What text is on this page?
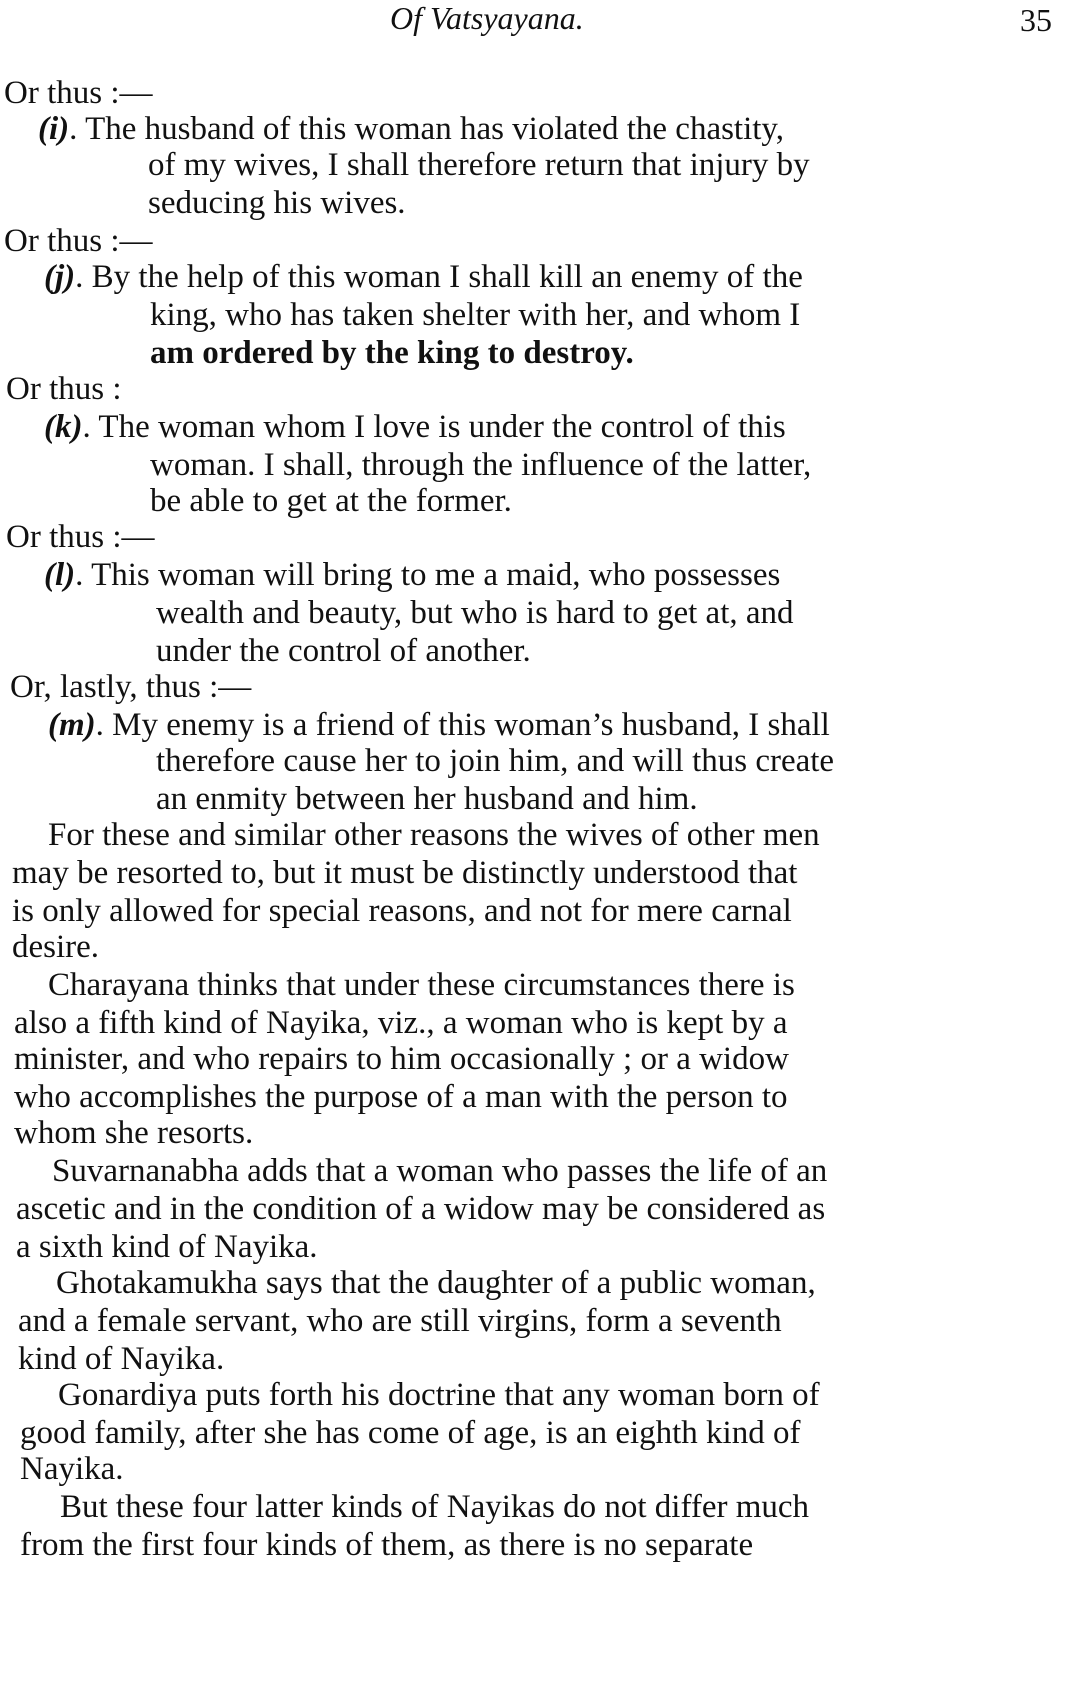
Of Vatsyayana.	35
Or thus :—
(i). The husband of this woman has violated the chastity,
of my wives, I shall therefore return that injury by
seducing his wives.
Or thus :—
(j). By the help of this woman I shall kill an enemy of the
king, who has taken shelter with her, and whom I
am ordered by the king to destroy.
Or thus :
(k). The woman whom I love is under the control of this
woman. I shall, through the influence of the latter,
be able to get at the former.
Or thus :—
(l). This woman will bring to me a maid, who possesses
wealth and beauty, but who is hard to get at, and
under the control of another.
Or, lastly, thus :—
(m). My enemy is a friend of this woman’s husband, I shall
therefore cause her to join him, and will thus create
an enmity between her husband and him.
For these and similar other reasons the wives of other men
may be resorted to, but it must be distinctly understood that
is only allowed for special reasons, and not for mere carnal
desire.
Charayana thinks that under these circumstances there is
also a fifth kind of Nayika, viz., a woman who is kept by a
minister, and who repairs to him occasionally ; or a widow
who accomplishes the purpose of a man with the person to
whom she resorts.
Suvarnanabha adds that a woman who passes the life of an
ascetic and in the condition of a widow may be considered as
a sixth kind of Nayika.
Ghotakamukha says that the daughter of a public woman,
and a female servant, who are still virgins, form a seventh
kind of Nayika.
Gonardiya puts forth his doctrine that any woman born of
good family, after she has come of age, is an eighth kind of
Nayika.
But these four latter kinds of Nayikas do not differ much
from the first four kinds of them, as there is no separate
